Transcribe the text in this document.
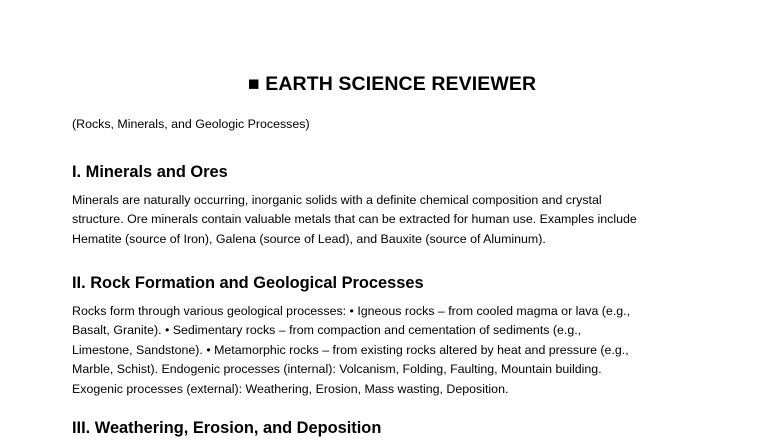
■ EARTH SCIENCE REVIEWER
(Rocks, Minerals, and Geologic Processes)
I. Minerals and Ores

Minerals are naturally occurring, inorganic solids with a definite chemical composition and crystal
structure. Ore minerals contain valuable metals that can be extracted for human use. Examples include
Hematite (source of Iron), Galena (source of Lead), and Bauxite (source of Aluminum).

II. Rock Formation and Geological Processes

Rocks form through various geological processes: • Igneous rocks – from cooled magma or lava (e.g.,
Basalt, Granite). • Sedimentary rocks – from compaction and cementation of sediments (e.g.,
Limestone, Sandstone). • Metamorphic rocks – from existing rocks altered by heat and pressure (e.g.,
Marble, Schist). Endogenic processes (internal): Volcanism, Folding, Faulting, Mountain building.
Exogenic processes (external): Weathering, Erosion, Mass wasting, Deposition.

III. Weathering, Erosion, and Deposition
